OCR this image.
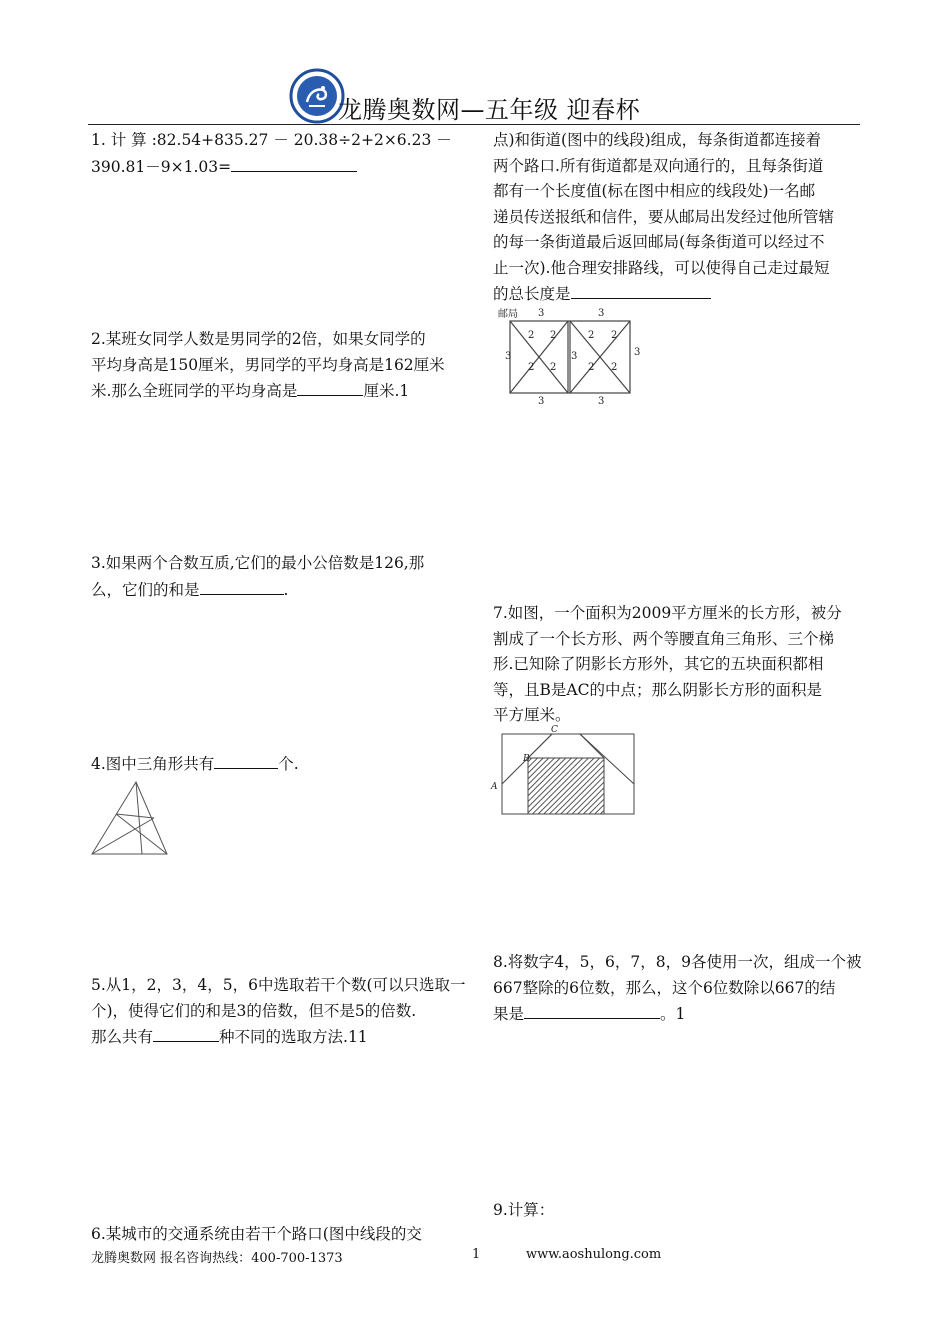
龙腾奥数网—五年级 迎春杯
1. 计 算 :82.54+835.27 － 20.38÷2+2×6.23 －
390.81－9×1.03=
2.某班女同学人数是男同学的2倍，如果女同学的
平均身高是150厘米，男同学的平均身高是162厘米
米.那么全班同学的平均身高是	厘米.1
3.如果两个合数互质,它们的最小公倍数是126,那
么，它们的和是	.
4.图中三角形共有	个.
5.从1，2，3，4，5，6中选取若干个数(可以只选取一
个)，使得它们的和是3的倍数，但不是5的倍数.
那么共有	种不同的选取方法.11
6.某城市的交通系统由若干个路口(图中线段的交
点)和街道(图中的线段)组成，每条街道都连接着
两个路口.所有街道都是双向通行的，且每条街道
都有一个长度值(标在图中相应的线段处)一名邮
递员传送报纸和信件，要从邮局出发经过他所管辖
的每一条街道最后返回邮局(每条街道可以经过不
止一次).他合理安排路线，可以使得自己走过最短
的总长度是
邮局 3	3
3	3
3	3	3
2 2
2 2
2 2
2 2
7.如图，一个面积为2009平方厘米的长方形，被分
割成了一个长方形、两个等腰直角三角形、三个梯
形.已知除了阴影长方形外，其它的五块面积都相
等，且B是AC的中点；那么阴影长方形的面积是
平方厘米。
A
B
C
8.将数字4，5，6，7，8，9各使用一次，组成一个被
667整除的6位数，那么，这个6位数除以667的结
果是	。1
9.计算：
龙腾奥数网 报名咨询热线：400-700-1373	1	www.aoshulong.com
